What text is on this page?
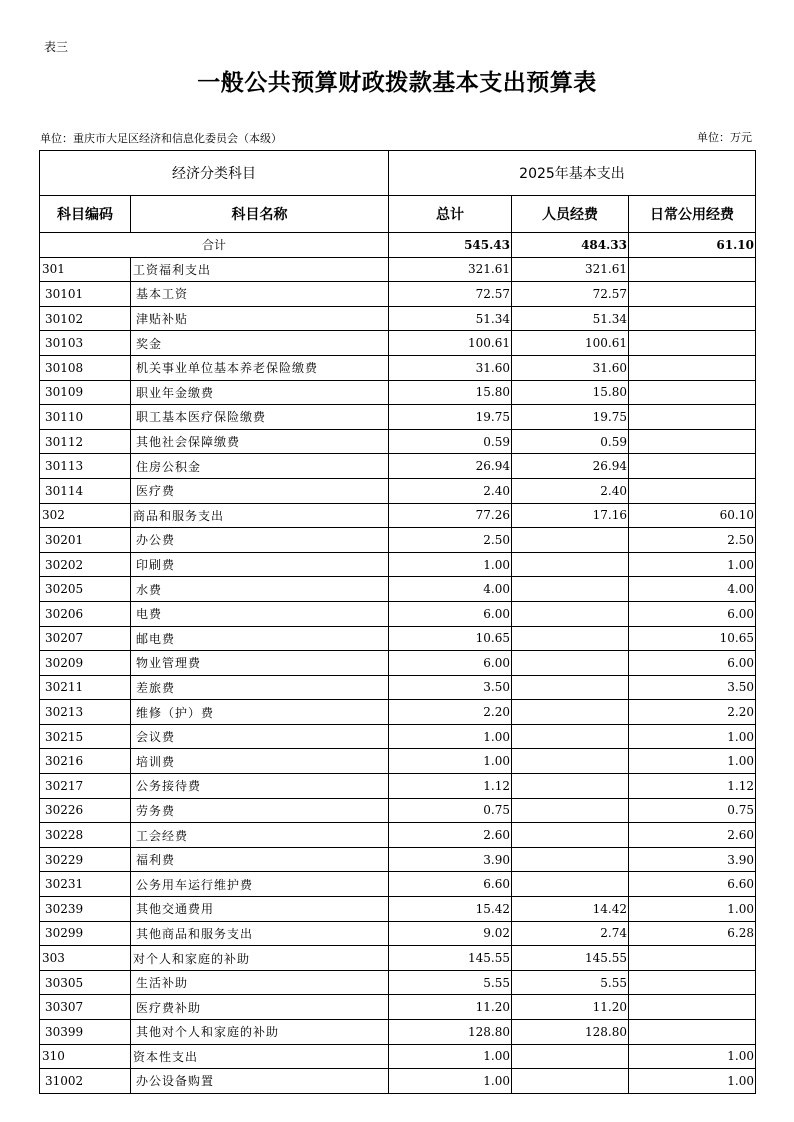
表三
一般公共预算财政拨款基本支出预算表
单位：重庆市大足区经济和信息化委员会（本级）	单位：万元
经济分类科目		2025年基本支出		
科目编码	科目名称	总计	人员经费	日常公用经费
合计		545.43	484.33	61.10
301	工资福利支出	321.61	321.61	
30101	基本工资	72.57	72.57	
30102	津贴补贴	51.34	51.34	
30103	奖金	100.61	100.61	
30108	机关事业单位基本养老保险缴费	31.60	31.60	
30109	职业年金缴费	15.80	15.80	
30110	职工基本医疗保险缴费	19.75	19.75	
30112	其他社会保障缴费	0.59	0.59	
30113	住房公积金	26.94	26.94	
30114	医疗费	2.40	2.40	
302	商品和服务支出	77.26	17.16	60.10
30201	办公费	2.50		2.50
30202	印刷费	1.00		1.00
30205	水费	4.00		4.00
30206	电费	6.00		6.00
30207	邮电费	10.65		10.65
30209	物业管理费	6.00		6.00
30211	差旅费	3.50		3.50
30213	维修（护）费	2.20		2.20
30215	会议费	1.00		1.00
30216	培训费	1.00		1.00
30217	公务接待费	1.12		1.12
30226	劳务费	0.75		0.75
30228	工会经费	2.60		2.60
30229	福利费	3.90		3.90
30231	公务用车运行维护费	6.60		6.60
30239	其他交通费用	15.42	14.42	1.00
30299	其他商品和服务支出	9.02	2.74	6.28
303	对个人和家庭的补助	145.55	145.55	
30305	生活补助	5.55	5.55	
30307	医疗费补助	11.20	11.20	
30399	其他对个人和家庭的补助	128.80	128.80	
310	资本性支出	1.00		1.00
31002	办公设备购置	1.00		1.00
